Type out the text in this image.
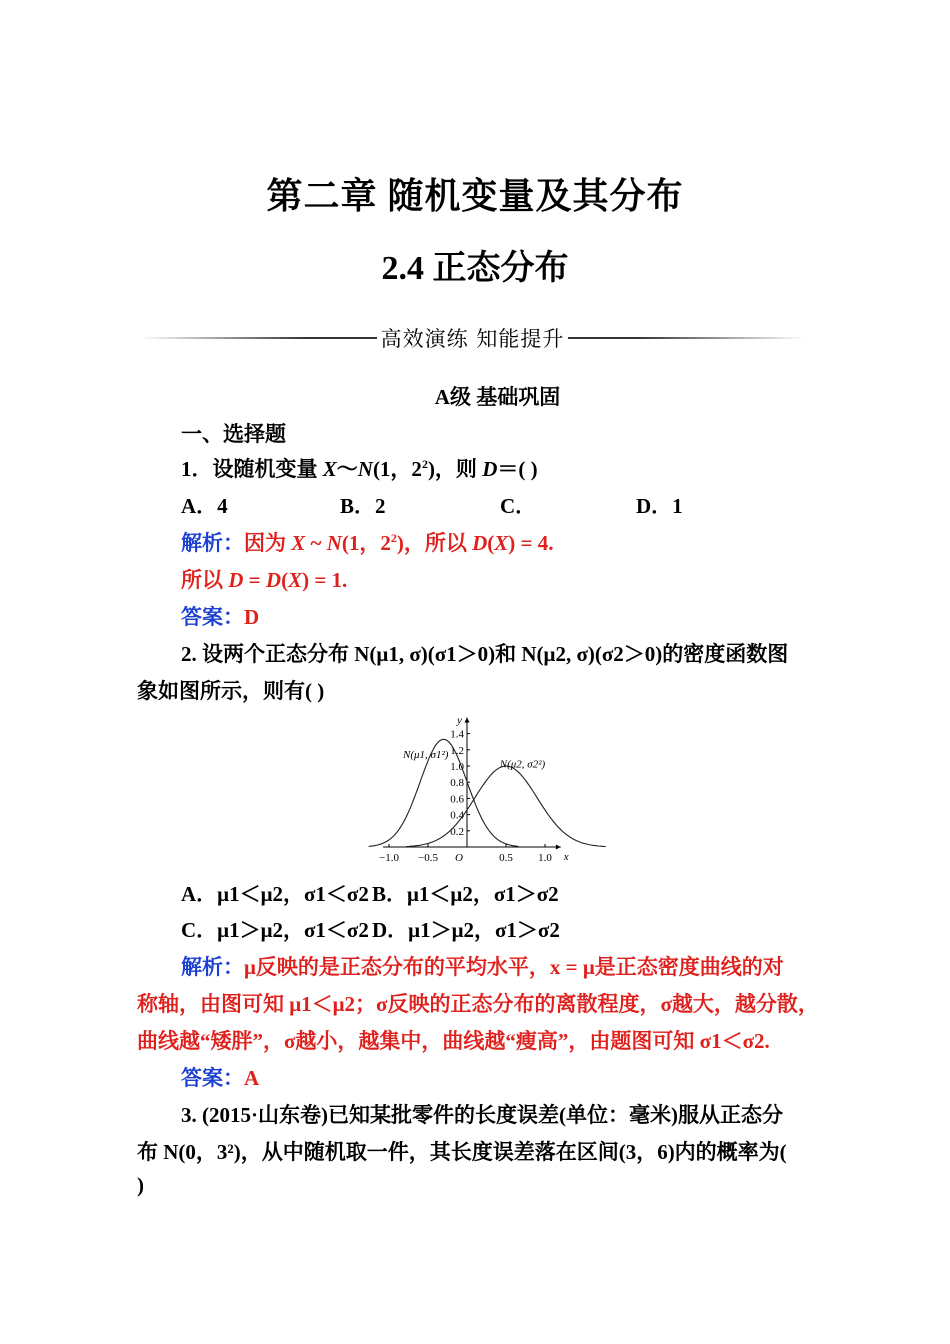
第二章 随机变量及其分布
2.4 正态分布
高效演练 知能提升
A级 基础巩固
一、选择题
1．设随机变量 X～N(1，$2^2$)，则 D＝( )
A．4	B．2	C．	D．1
解析：因为 X ~ N(1，$2^2$)，所以 D(X) = 4.
所以 D = D(X) = 1.
答案：D
2. 设两个正态分布 N(μ1, σ)(σ1＞0)和 N(μ2, σ)(σ2＞0)的密度函数图
象如图所示，则有( )
−1.0 −0.5	0.5 1.0
0.2
0.4
0.6
0.8
1.0
1.2
1.4
O	x
y
N(μ1, σ1²)
N(μ2, σ2²)
A．μ1＜μ2，σ1＜σ2 B．μ1＜μ2，σ1＞σ2
C．μ1＞μ2，σ1＜σ2 D．μ1＞μ2，σ1＞σ2
解析：μ反映的是正态分布的平均水平，x = μ是正态密度曲线的对
称轴，由图可知 μ1＜μ2；σ反映的正态分布的离散程度，σ越大，越分散，
曲线越“矮胖”，σ越小，越集中，曲线越“瘦高”，由题图可知 σ1＜σ2.
答案：A
3. (2015·山东卷)已知某批零件的长度误差(单位：毫米)服从正态分
布 N(0，3²)，从中随机取一件，其长度误差落在区间(3，6)内的概率为(
)
